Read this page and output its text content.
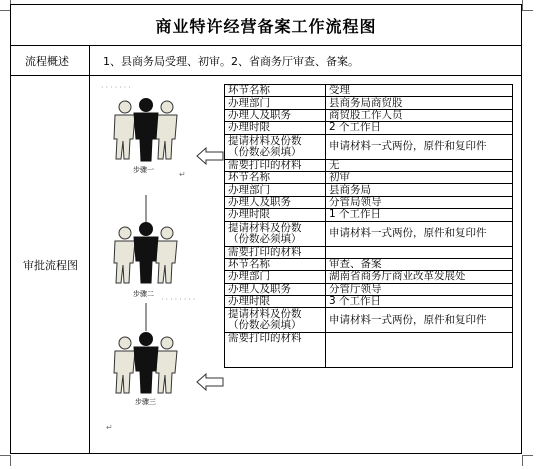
商业特许经营备案工作流程图
流程概述	1、县商务局受理、初审。2、省商务厅审查、备案。
审批流程图
·······
········
↵
↵
步骤一
步骤二
步骤三
环节名称	受理
办理部门	县商务局商贸股
办理人及职务	商贸股工作人员
办理时限	2 个工作日
提请材料及份数（份数必须填）	申请材料一式两份，原件和复印件
需要打印的材料	无
环节名称	初审
办理部门	县商务局
办理人及职务	分管局领导
办理时限	1 个工作日
提请材料及份数（份数必须填）	申请材料一式两份，原件和复印件
需要打印的材料	
环节名称	审查、备案
办理部门	湖南省商务厅商业改革发展处
办理人及职务	分管厅领导
办理时限	3 个工作日
提请材料及份数（份数必须填）	申请材料一式两份，原件和复印件
需要打印的材料	
